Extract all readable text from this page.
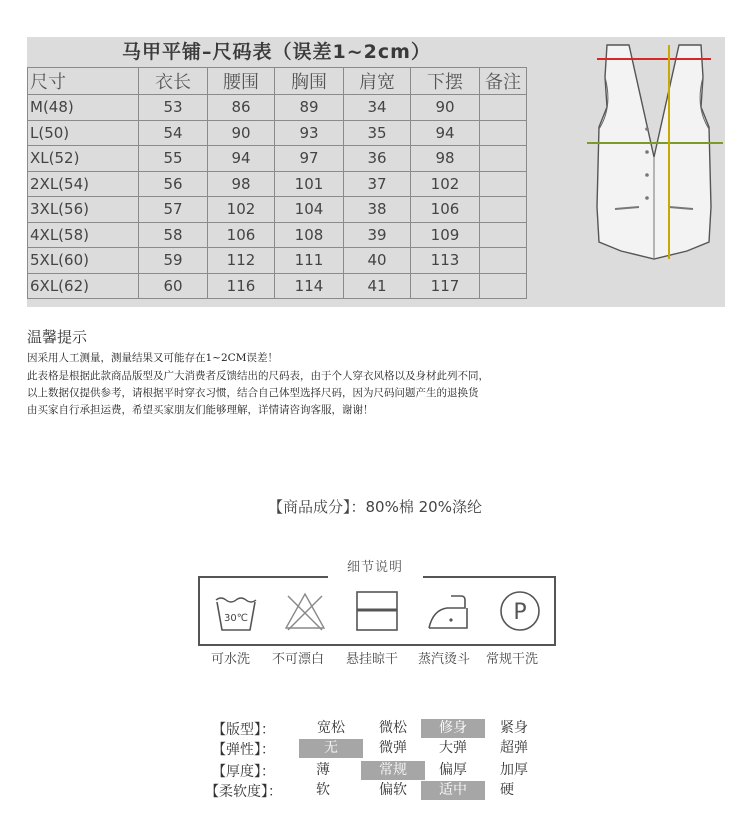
马甲平铺–尺码表（误差1~2cm）
尺寸	衣长	腰围	胸围	肩宽	下摆	备注
M(48)	53	86	89	34	90	
L(50)	54	90	93	35	94	
XL(52)	55	94	97	36	98	
2XL(54)	56	98	101	37	102	
3XL(56)	57	102	104	38	106	
4XL(58)	58	106	108	39	109	
5XL(60)	59	112	111	40	113	
6XL(62)	60	116	114	41	117	
温馨提示
因采用人工测量，测量结果又可能存在1~2CM误差！
此表格是根据此款商品版型及广大消费者反馈结出的尺码表，由于个人穿衣风格以及身材此列不同，
以上数据仅提供参考，请根据平时穿衣习惯，结合自己体型选择尺码，因为尺码问题产生的退换货
由买家自行承担运费，希望买家朋友们能够理解，详情请咨询客服，谢谢！
【商品成分】：80%棉 20%涤纶
细节说明
30℃	P
可水洗 不可漂白 悬挂晾干 蒸汽烫斗 常规干洗
【版型】：	宽松	微松	修身	紧身
【弹性】：	无	微弹	大弹	超弹
【厚度】：	薄	常规	偏厚	加厚
【柔软度】：	软	偏软	适中	硬
